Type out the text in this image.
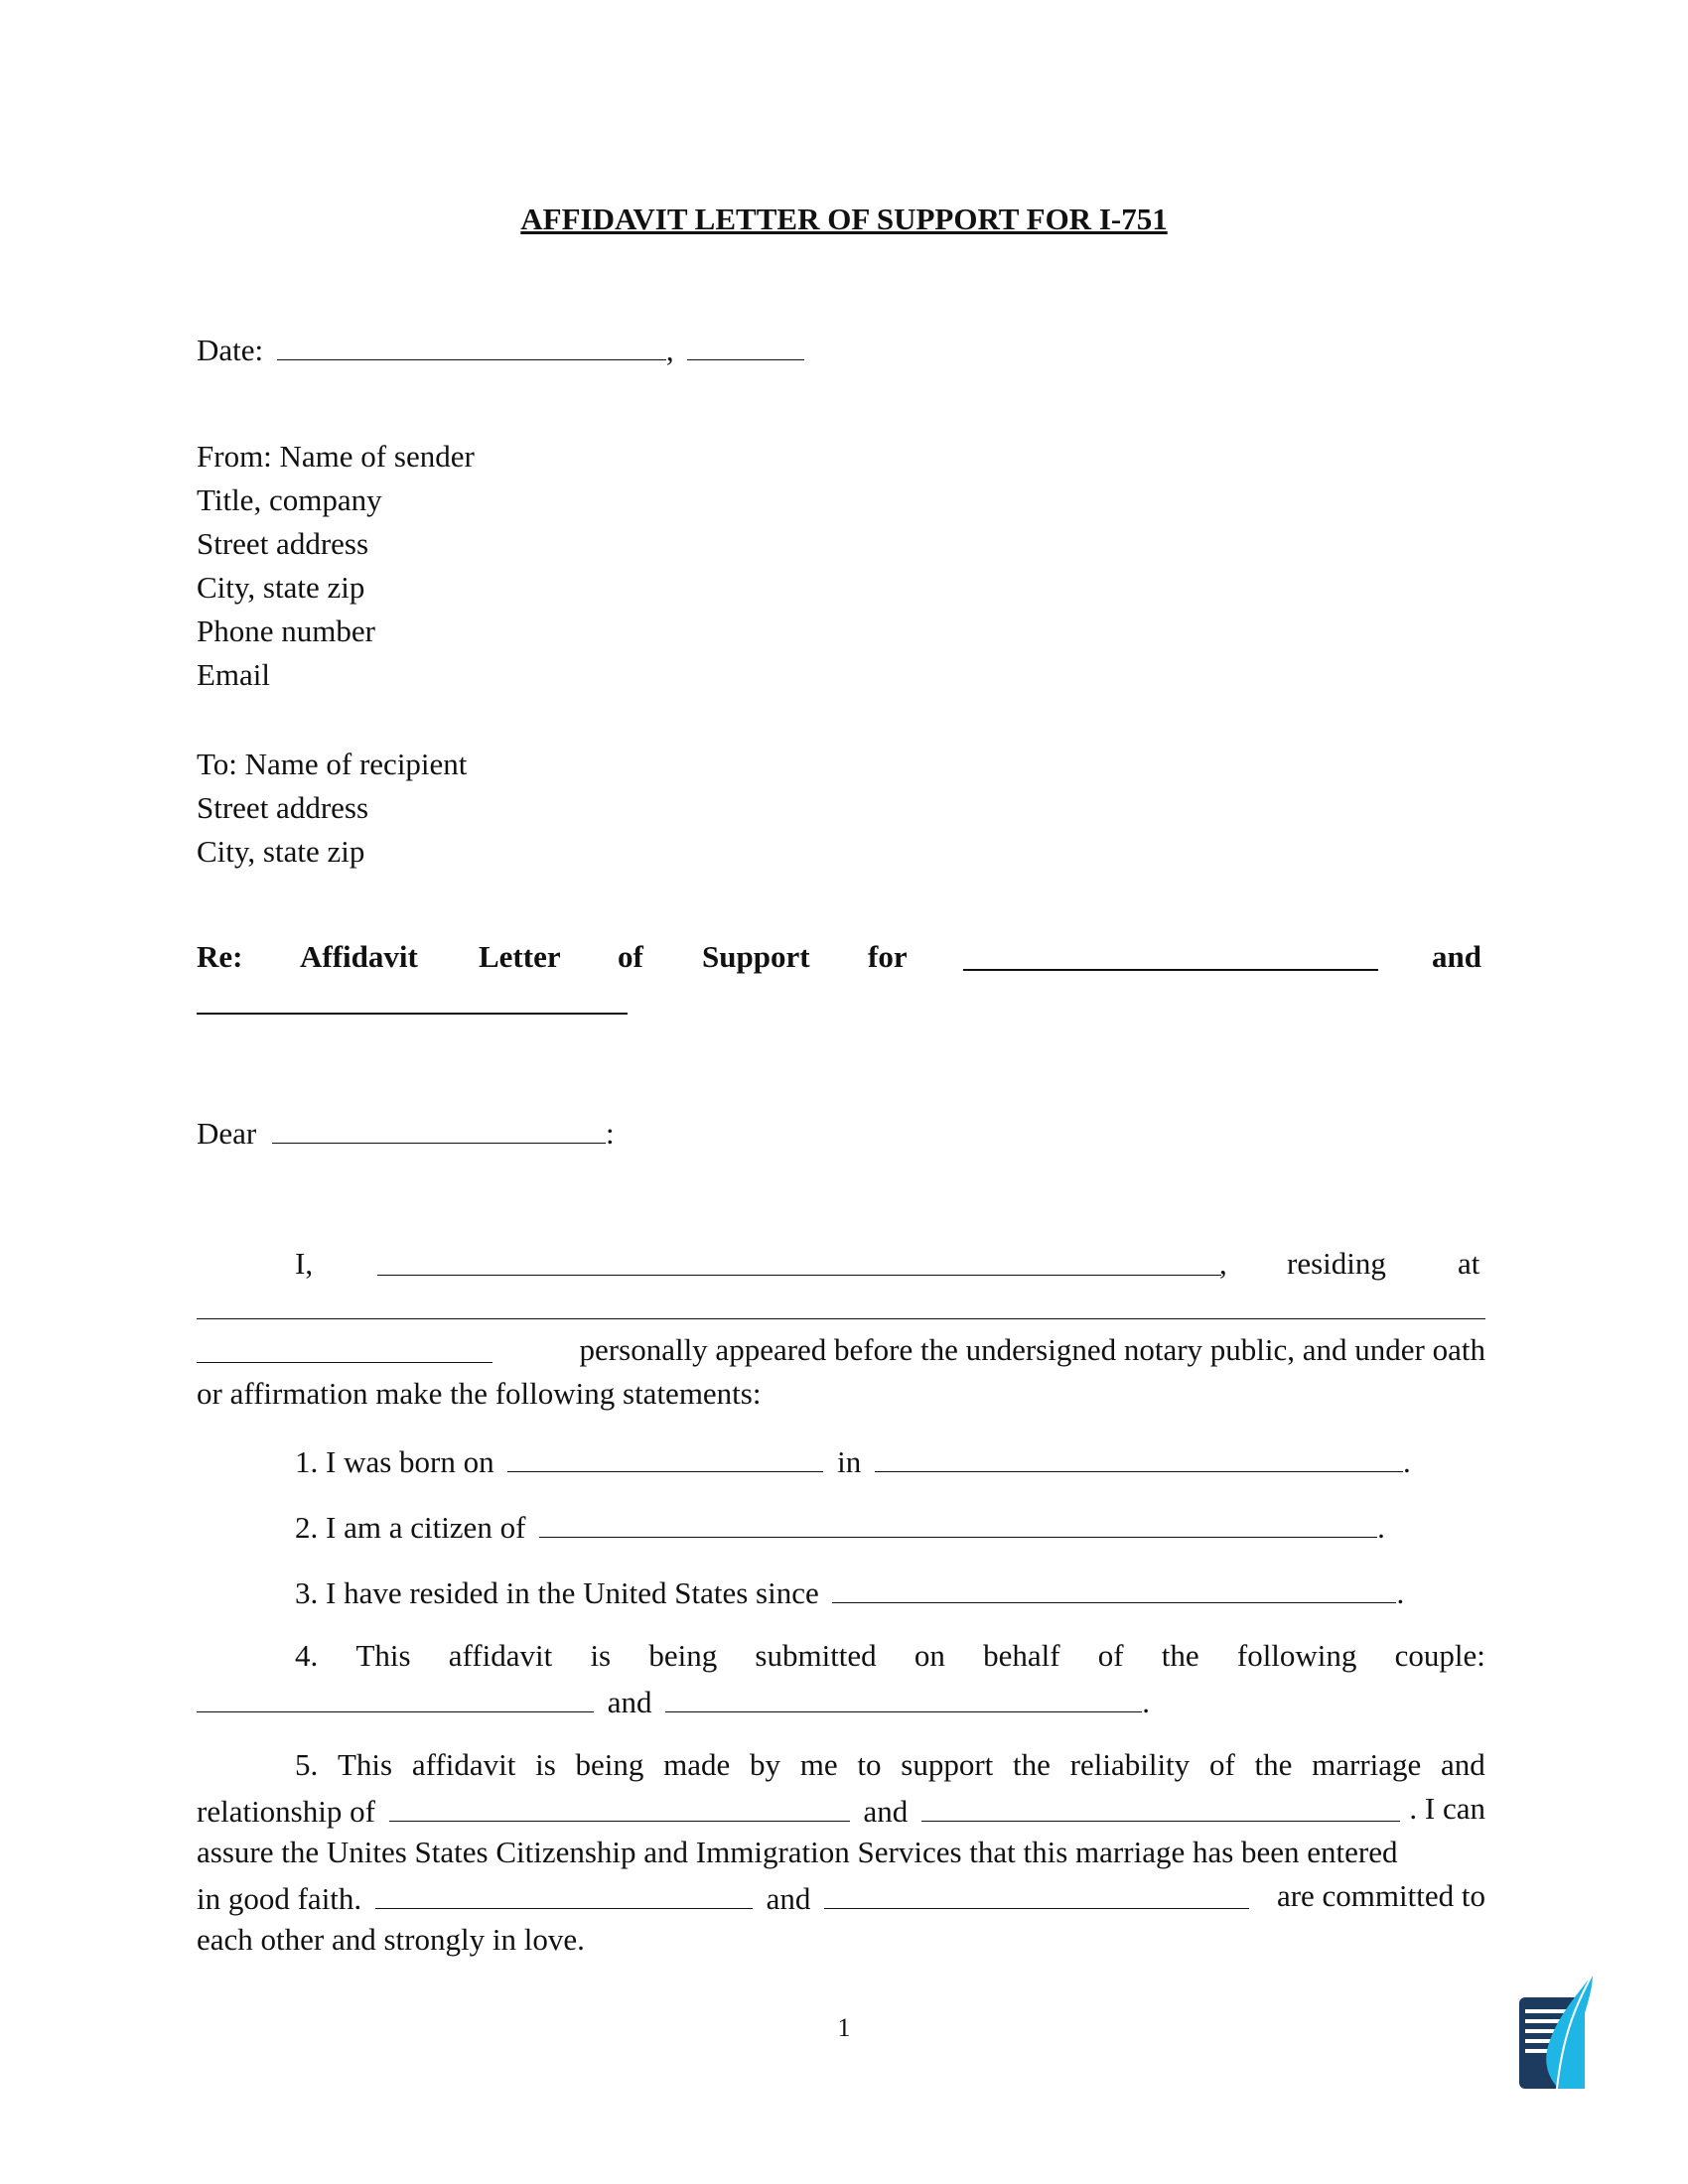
AFFIDAVIT LETTER OF SUPPORT FOR I-751
Date:	,
From: Name of sender
Title, company
Street address
City, state zip
Phone number
Email
To: Name of recipient
Street address
City, state zip
Re: Affidavit Letter of Support for	and
Dear	:
I,	, residing at
personally appeared before the undersigned notary public, and under oath
or affirmation make the following statements:
1. I was born on	in	.
2. I am a citizen of	.
3. I have resided in the United States since	.
4. This affidavit is being submitted on behalf of the following couple:
and	.
5. This affidavit is being made by me to support the reliability of the marriage and
relationship of	and	. I can
assure the Unites States Citizenship and Immigration Services that this marriage has been entered
in good faith.	and	are committed to
each other and strongly in love.
1
